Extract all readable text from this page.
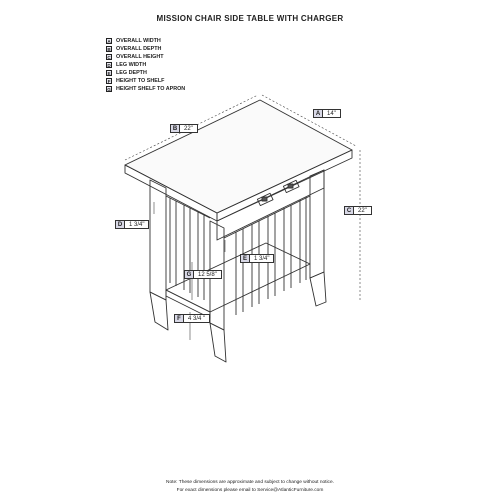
MISSION CHAIR SIDE TABLE WITH CHARGER
A OVERALL WIDTH
B OVERALL DEPTH
C OVERALL HEIGHT
D LEG WIDTH
E LEG DEPTH
F HEIGHT TO SHELF
G HEIGHT SHELF TO APRON
A	14"
B	22"
C	22"
D	1 3/4"
E	1 3/4"
F	4 3/4 "
G	12 5/8"
Note: These dimensions are approximate and subject to change without notice.
For exact dimensions please email to Service@AtlanticFurniture.com
